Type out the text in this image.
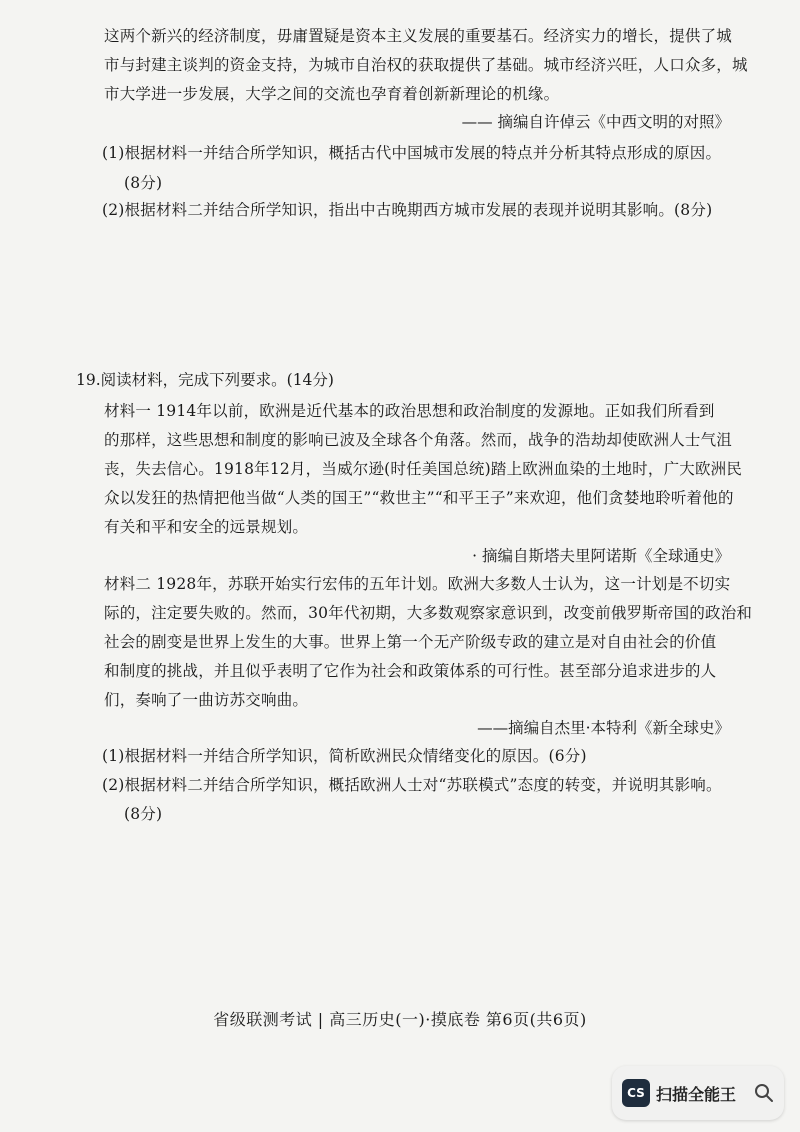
这两个新兴的经济制度，毋庸置疑是资本主义发展的重要基石。经济实力的增长，提供了城
市与封建主谈判的资金支持，为城市自治权的获取提供了基础。城市经济兴旺，人口众多，城
市大学进一步发展，大学之间的交流也孕育着创新新理论的机缘。
—— 摘编自许倬云《中西文明的对照》
(1)根据材料一并结合所学知识，概括古代中国城市发展的特点并分析其特点形成的原因。
(8分)
(2)根据材料二并结合所学知识，指出中古晚期西方城市发展的表现并说明其影响。(8分)
19.阅读材料，完成下列要求。(14分)
材料一 1914年以前，欧洲是近代基本的政治思想和政治制度的发源地。正如我们所看到
的那样，这些思想和制度的影响已波及全球各个角落。然而，战争的浩劫却使欧洲人士气沮
丧，失去信心。1918年12月，当威尔逊(时任美国总统)踏上欧洲血染的土地时，广大欧洲民
众以发狂的热情把他当做“人类的国王”“救世主”“和平王子”来欢迎，他们贪婪地聆听着他的
有关和平和安全的远景规划。
· 摘编自斯塔夫里阿诺斯《全球通史》
材料二 1928年，苏联开始实行宏伟的五年计划。欧洲大多数人士认为，这一计划是不切实
际的，注定要失败的。然而，30年代初期，大多数观察家意识到，改变前俄罗斯帝国的政治和
社会的剧变是世界上发生的大事。世界上第一个无产阶级专政的建立是对自由社会的价值
和制度的挑战，并且似乎表明了它作为社会和政策体系的可行性。甚至部分追求进步的人
们，奏响了一曲访苏交响曲。
——摘编自杰里·本特利《新全球史》
(1)根据材料一并结合所学知识，简析欧洲民众情绪变化的原因。(6分)
(2)根据材料二并结合所学知识，概括欧洲人士对“苏联模式”态度的转变，并说明其影响。
(8分)
省级联测考试 | 高三历史(一)·摸底卷 第6页(共6页)
CS 扫描全能王
